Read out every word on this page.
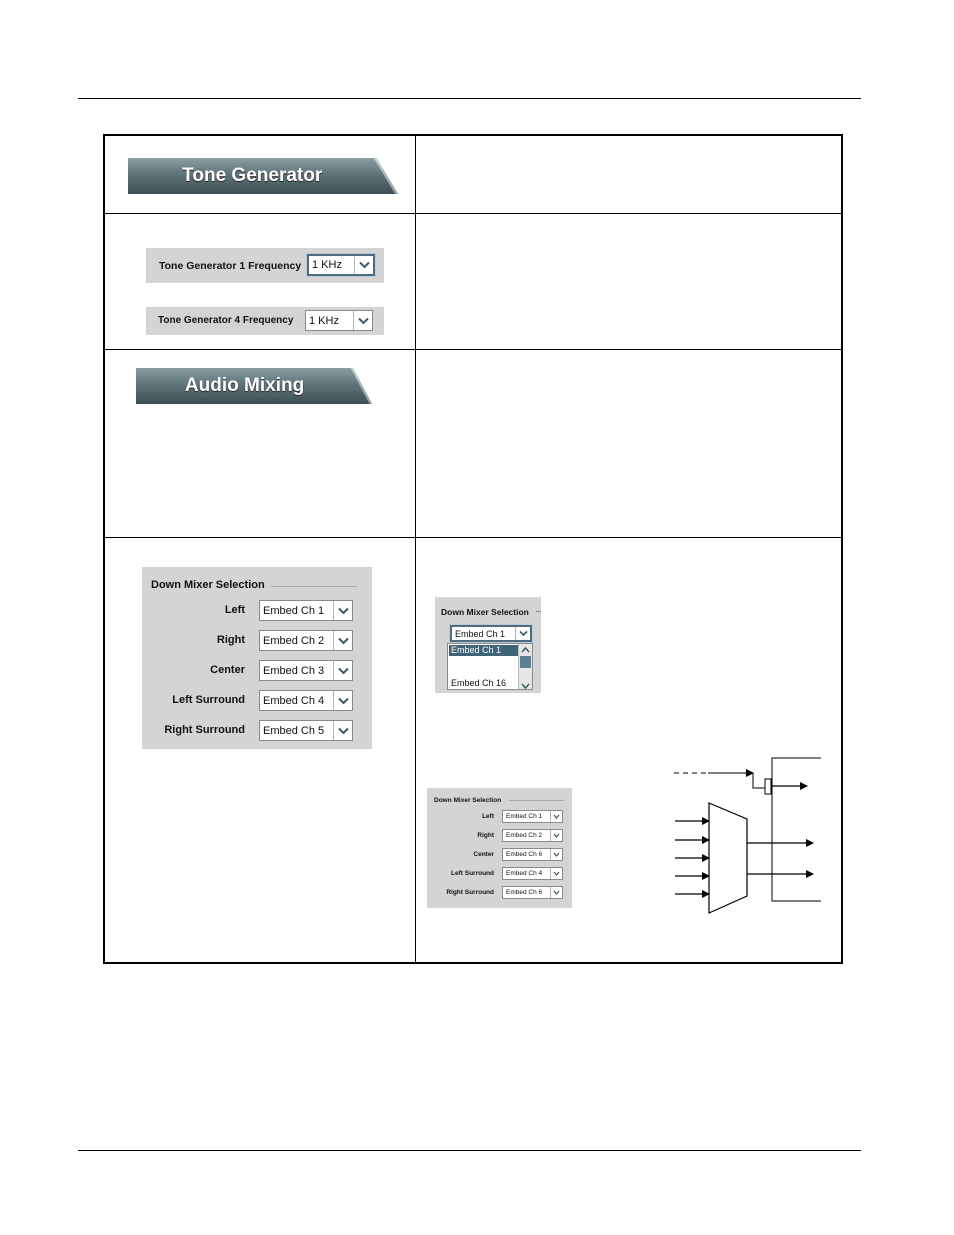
Tone Generator
Tone Generator 1 Frequency 1 KHz
Tone Generator 4 Frequency 1 KHz
Audio Mixing
Down Mixer Selection
Left Embed Ch 1
Right Embed Ch 2
Center Embed Ch 3
Left Surround Embed Ch 4
Right Surround Embed Ch 5
Down Mixer Selection
Embed Ch 1
Embed Ch 1
Embed Ch 16
Down Mixer Selection
Left Embed Ch 1
Right Embed Ch 2
Center Embed Ch 6
Left Surround Embed Ch 4
Right Surround Embed Ch 6
